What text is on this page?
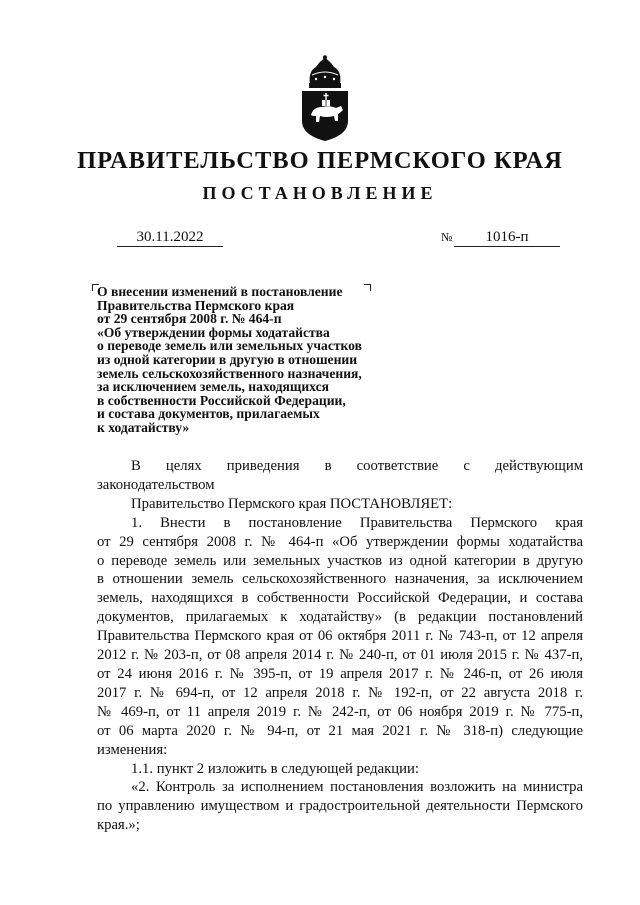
ПРАВИТЕЛЬСТВО ПЕРМСКОГО КРАЯ
ПОСТАНОВЛЕНИЕ
30.11.2022	№	1016-п
О внесении изменений в постановление
Правительства Пермского края
от 29 сентября 2008 г. № 464-п
«Об утверждении формы ходатайства
о переводе земель или земельных участков
из одной категории в другую в отношении
земель сельскохозяйственного назначения,
за исключением земель, находящихся
в собственности Российской Федерации,
и состава документов, прилагаемых
к ходатайству»
В целях приведения в соответствие с действующим
законодательством
Правительство Пермского края ПОСТАНОВЛЯЕТ:
1. Внести в постановление Правительства Пермского края
от 29 сентября 2008 г. № 464-п «Об утверждении формы ходатайства
о переводе земель или земельных участков из одной категории в другую
в отношении земель сельскохозяйственного назначения, за исключением
земель, находящихся в собственности Российской Федерации, и состава
документов, прилагаемых к ходатайству» (в редакции постановлений
Правительства Пермского края от 06 октября 2011 г. № 743-п, от 12 апреля
2012 г. № 203-п, от 08 апреля 2014 г. № 240-п, от 01 июля 2015 г. № 437-п,
от 24 июня 2016 г. № 395-п, от 19 апреля 2017 г. № 246-п, от 26 июля
2017 г. № 694-п, от 12 апреля 2018 г. № 192-п, от 22 августа 2018 г.
№ 469-п, от 11 апреля 2019 г. № 242-п, от 06 ноября 2019 г. № 775-п,
от 06 марта 2020 г. № 94-п, от 21 мая 2021 г. № 318-п) следующие
изменения:
1.1. пункт 2 изложить в следующей редакции:
«2. Контроль за исполнением постановления возложить на министра
по управлению имуществом и градостроительной деятельности Пермского
края.»;
